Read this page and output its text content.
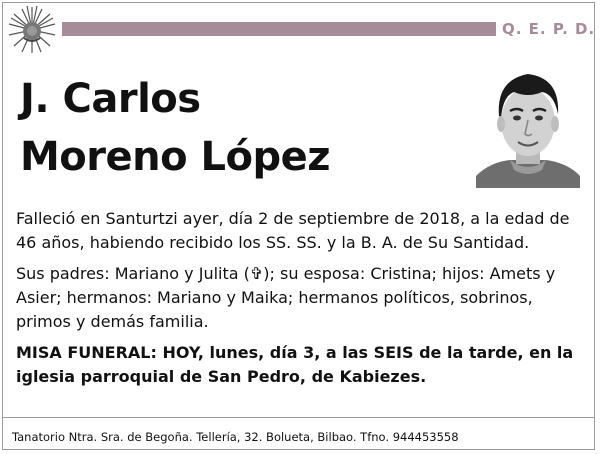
Q. E. P. D.
J. Carlos
Moreno López

Falleció en Santurtzi ayer, día 2 de septiembre de 2018, a la edad de 46 años, habiendo recibido los SS. SS. y la B. A. de Su Santidad.

Sus padres: Mariano y Julita (✞); su esposa: Cristina; hijos: Amets y Asier; hermanos: Mariano y Maika; hermanos políticos, sobrinos, primos y demás familia.

MISA FUNERAL: HOY, lunes, día 3, a las SEIS de la tarde, en la iglesia parroquial de San Pedro, de Kabiezes.

Tanatorio Ntra. Sra. de Begoña. Tellería, 32. Bolueta, Bilbao. Tfno. 944453558
